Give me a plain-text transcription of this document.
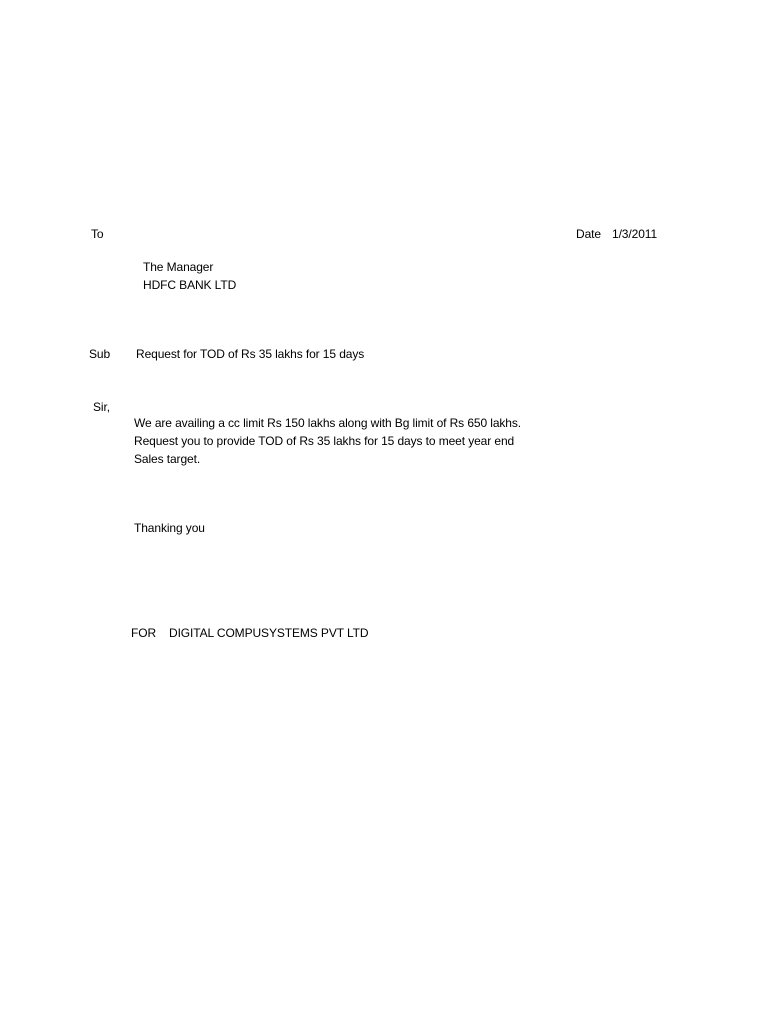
To	Date 1/3/2011
The Manager
HDFC BANK LTD
Sub Request for TOD of Rs 35 lakhs for 15 days
Sir,
We are availing a cc limit Rs 150 lakhs along with Bg limit of Rs 650 lakhs.
Request you to provide TOD of Rs 35 lakhs for 15 days to meet year end
Sales target.
Thanking you
FOR DIGITAL COMPUSYSTEMS PVT LTD
